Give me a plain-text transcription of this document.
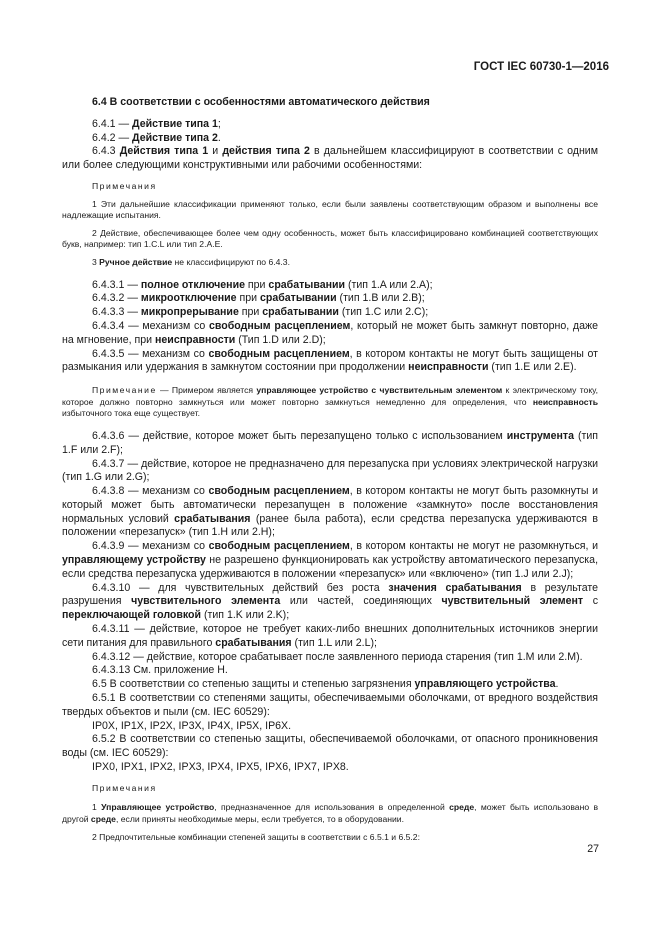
ГОСТ IEC 60730-1—2016

6.4 В соответствии с особенностями автоматического действия

6.4.1 — Действие типа 1;

6.4.2 — Действие типа 2.

6.4.3 Действия типа 1 и действия типа 2 в дальнейшем классифицируют в соответствии с одним или более следующими конструктивными или рабочими особенностями:

Примечания

1 Эти дальнейшие классификации применяют только, если были заявлены соответствующим образом и выполнены все надлежащие испытания.

2 Действие, обеспечивающее более чем одну особенность, может быть классифицировано комбинацией соответствующих букв, например: тип 1.C.L или тип 2.A.E.

3 Ручное действие не классифицируют по 6.4.3.

6.4.3.1 — полное отключение при срабатывании (тип 1.A или 2.A);

6.4.3.2 — микроотключение при срабатывании (тип 1.B или 2.B);

6.4.3.3 — микропрерывание при срабатывании (тип 1.C или 2.C);

6.4.3.4 — механизм со свободным расцеплением, который не может быть замкнут повторно, даже на мгновение, при неисправности (Тип 1.D или 2.D);

6.4.3.5 — механизм со свободным расцеплением, в котором контакты не могут быть защищены от размыкания или удержания в замкнутом состоянии при продолжении неисправности (тип 1.E или 2.E).

Примечание — Примером является управляющее устройство с чувствительным элементом к электрическому току, которое должно повторно замкнуться или может повторно замкнуться немедленно для определения, что неисправность избыточного тока еще существует.

6.4.3.6 — действие, которое может быть перезапущено только с использованием инструмента (тип 1.F или 2.F);

6.4.3.7 — действие, которое не предназначено для перезапуска при условиях электрической нагрузки (тип 1.G или 2.G);

6.4.3.8 — механизм со свободным расцеплением, в котором контакты не могут быть разомкнуты и который может быть автоматически перезапущен в положение «замкнуто» после восстановления нормальных условий срабатывания (ранее была работа), если средства перезапуска удерживаются в положении «перезапуск» (тип 1.H или 2.H);

6.4.3.9 — механизм со свободным расцеплением, в котором контакты не могут не разомкнуться, и управляющему устройству не разрешено функционировать как устройству автоматического перезапуска, если средства перезапуска удерживаются в положении «перезапуск» или «включено» (тип 1.J или 2.J);

6.4.3.10 — для чувствительных действий без роста значения срабатывания в результате разрушения чувствительного элемента или частей, соединяющих чувствительный элемент с переключающей головкой (тип 1.K или 2.K);

6.4.3.11 — действие, которое не требует каких-либо внешних дополнительных источников энергии сети питания для правильного срабатывания (тип 1.L или 2.L);

6.4.3.12 — действие, которое срабатывает после заявленного периода старения (тип 1.M или 2.M).

6.4.3.13 См. приложение H.

6.5 В соответствии со степенью защиты и степенью загрязнения управляющего устройства.

6.5.1 В соответствии со степенями защиты, обеспечиваемыми оболочками, от вредного воздействия твердых объектов и пыли (см. IEC 60529):

IP0X, IP1X, IP2X, IP3X, IP4X, IP5X, IP6X.

6.5.2 В соответствии со степенью защиты, обеспечиваемой оболочками, от опасного проникновения воды (см. IEC 60529):

IPX0, IPX1, IPX2, IPX3, IPX4, IPX5, IPX6, IPX7, IPX8.

Примечания

1 Управляющее устройство, предназначенное для использования в определенной среде, может быть использовано в другой среде, если приняты необходимые меры, если требуется, то в оборудовании.

2 Предпочтительные комбинации степеней защиты в соответствии с 6.5.1 и 6.5.2:

27
